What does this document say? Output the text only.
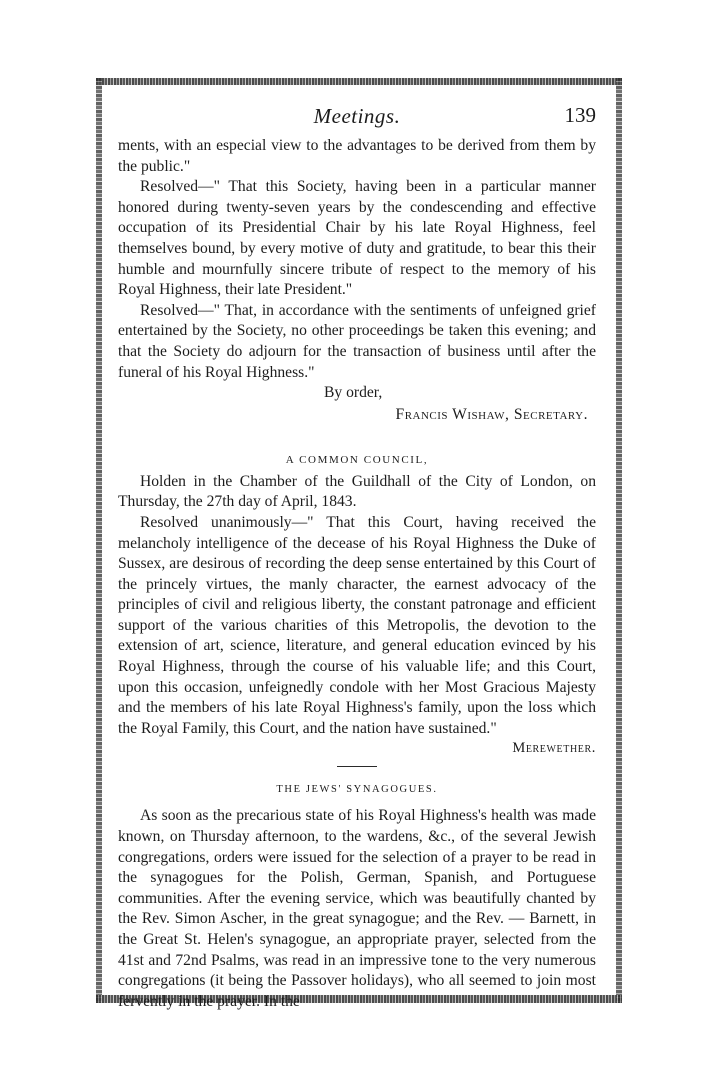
Meetings.	139

ments, with an especial view to the advantages to be derived from them by the public."

Resolved—" That this Society, having been in a particular manner honored during twenty-seven years by the condescending and effective occupation of its Presidential Chair by his late Royal Highness, feel themselves bound, by every motive of duty and gratitude, to bear this their humble and mournfully sincere tribute of respect to the memory of his Royal Highness, their late President."

Resolved—" That, in accordance with the sentiments of unfeigned grief entertained by the Society, no other proceedings be taken this evening; and that the Society do adjourn for the transaction of business until after the funeral of his Royal Highness."

By order,
Francis Wishaw, Secretary.
A COMMON COUNCIL,

Holden in the Chamber of the Guildhall of the City of London, on Thursday, the 27th day of April, 1843.

Resolved unanimously—" That this Court, having received the melancholy intelligence of the decease of his Royal Highness the Duke of Sussex, are desirous of recording the deep sense entertained by this Court of the princely virtues, the manly character, the earnest advocacy of the principles of civil and religious liberty, the constant patronage and efficient support of the various charities of this Metropolis, the devotion to the extension of art, science, literature, and general education evinced by his Royal Highness, through the course of his valuable life; and this Court, upon this occasion, unfeignedly condole with her Most Gracious Majesty and the members of his late Royal Highness's family, upon the loss which the Royal Family, this Court, and the nation have sustained."

Merewether.
THE JEWS' SYNAGOGUES.

As soon as the precarious state of his Royal Highness's health was made known, on Thursday afternoon, to the wardens, &c., of the several Jewish congregations, orders were issued for the selection of a prayer to be read in the synagogues for the Polish, German, Spanish, and Portuguese communities. After the evening service, which was beautifully chanted by the Rev. Simon Ascher, in the great synagogue; and the Rev. — Barnett, in the Great St. Helen's synagogue, an appropriate prayer, selected from the 41st and 72nd Psalms, was read in an impressive tone to the very numerous congregations (it being the Passover holidays), who all seemed to join most fervently in the prayer. In the
